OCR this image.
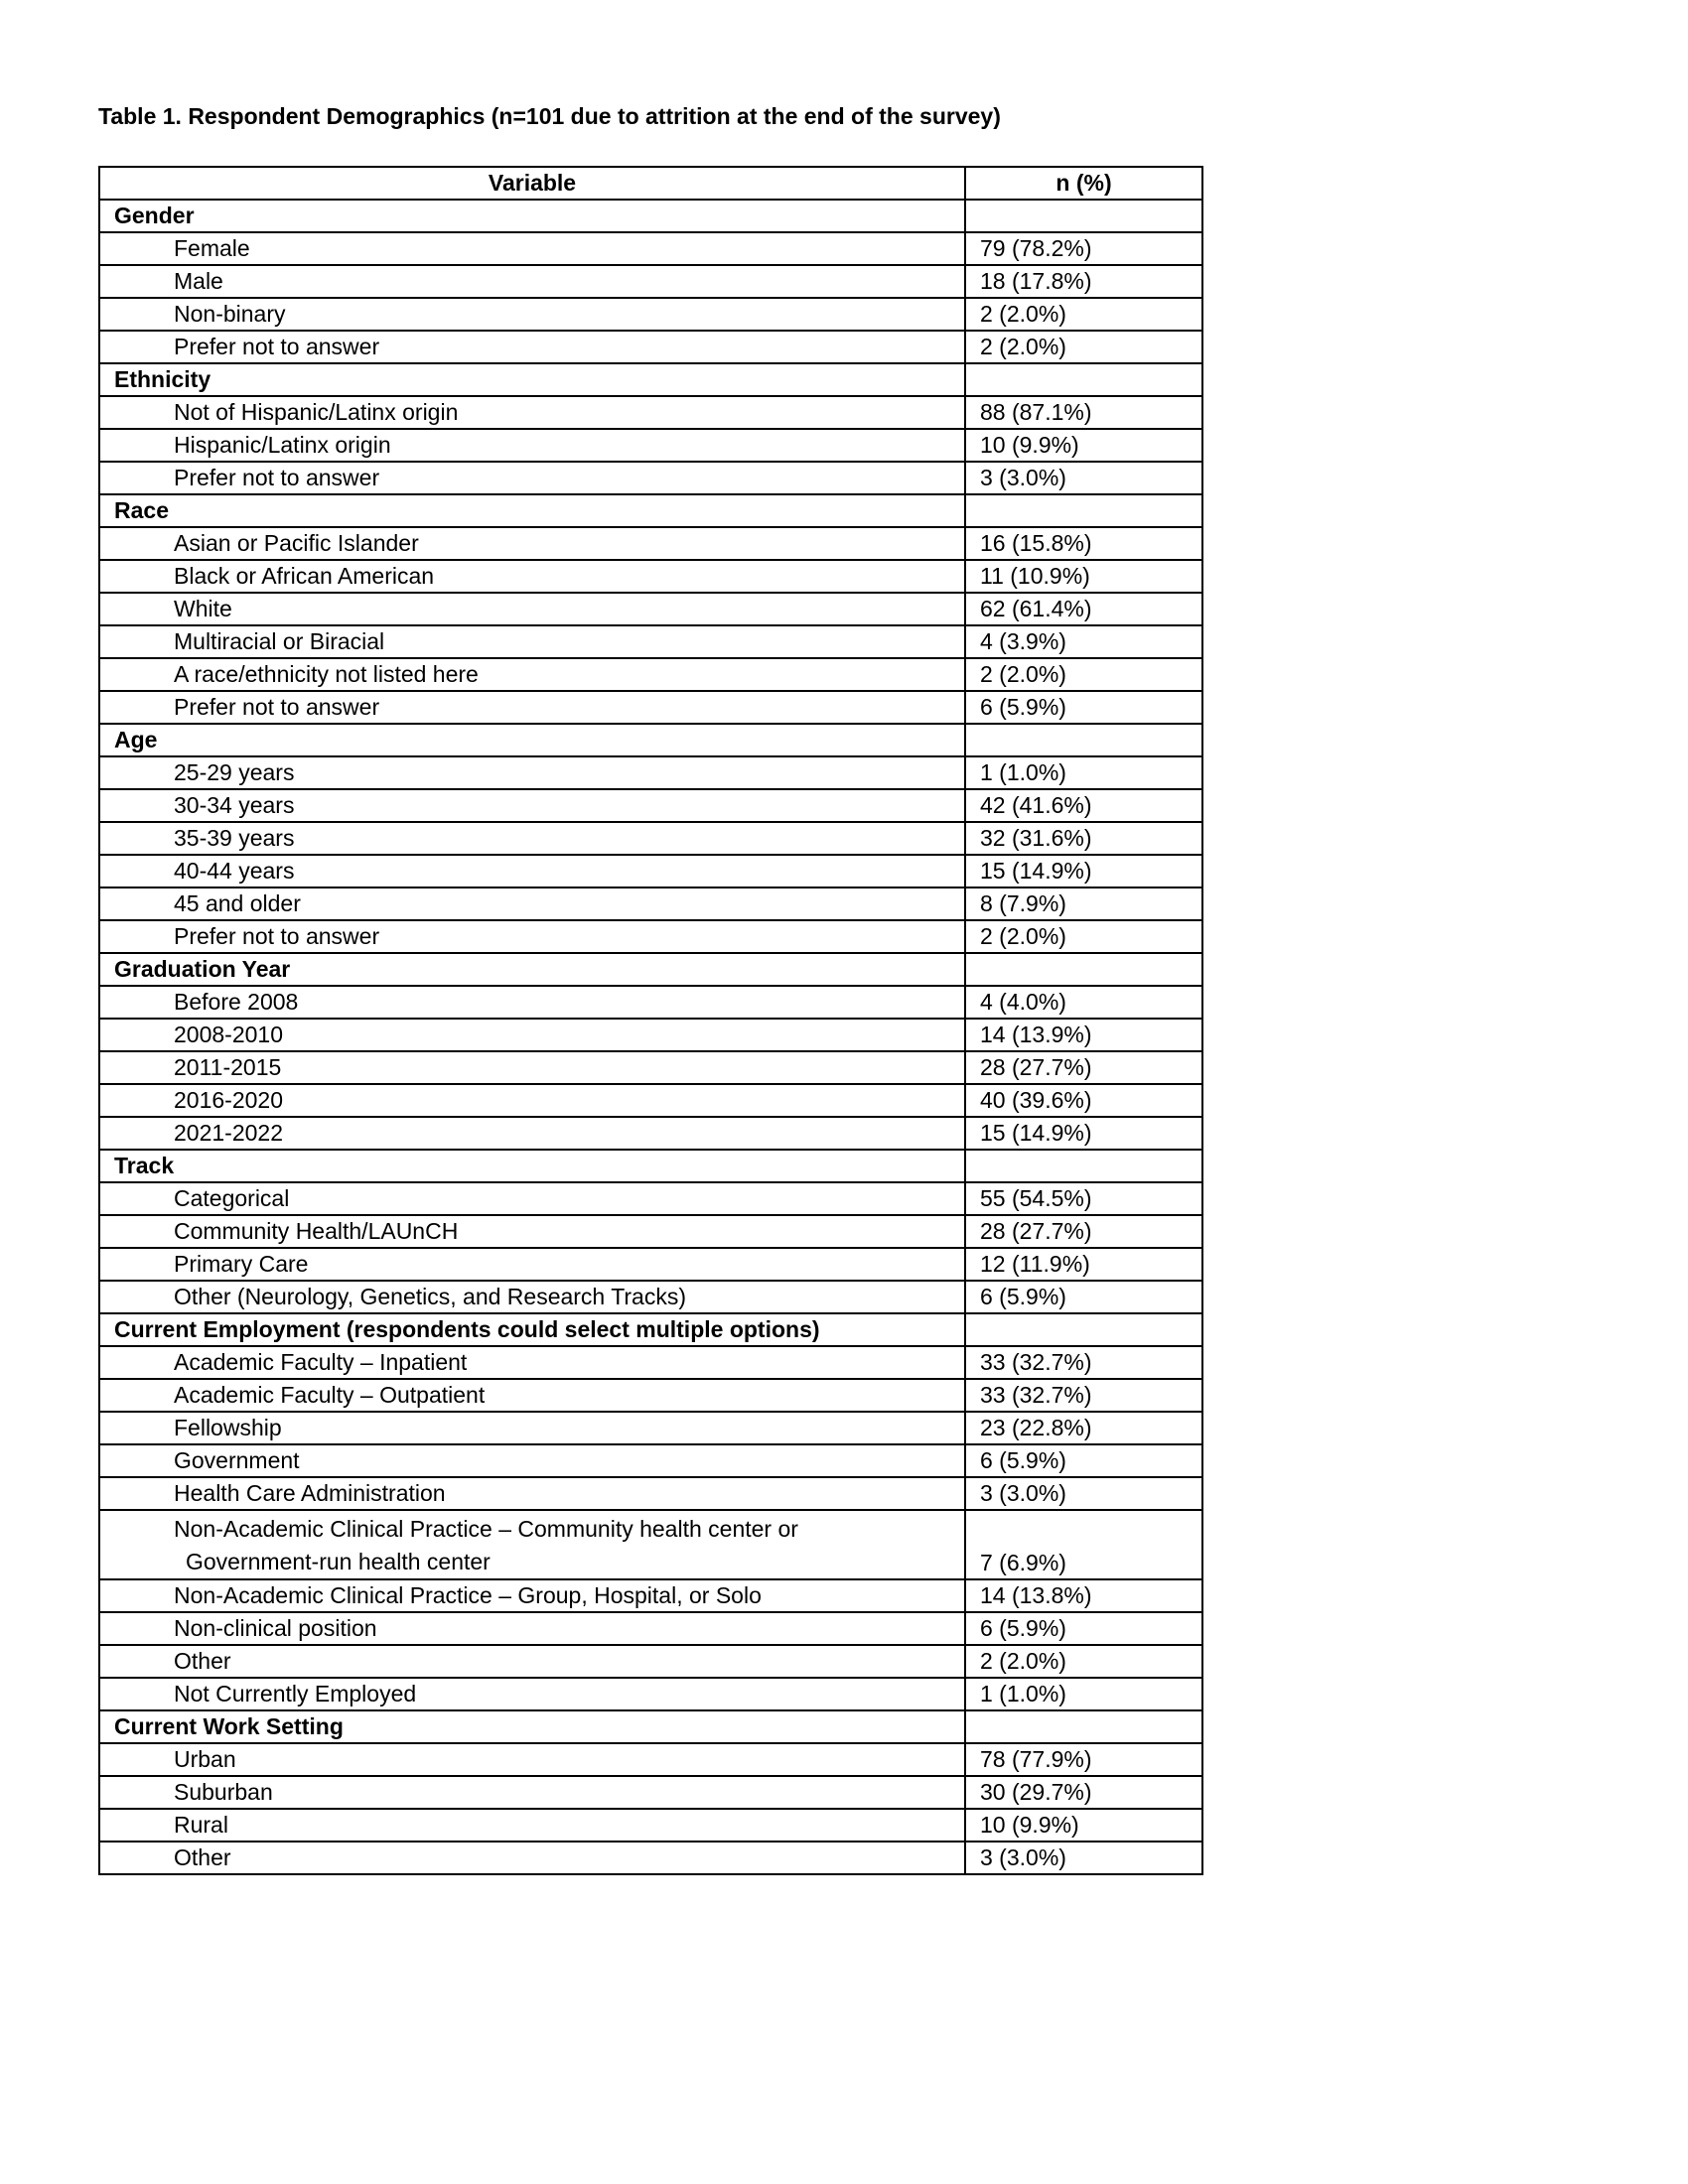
Table 1. Respondent Demographics (n=101 due to attrition at the end of the survey)
Variable	n (%)
Gender	
Female	79 (78.2%)
Male	18 (17.8%)
Non-binary	2 (2.0%)
Prefer not to answer	2 (2.0%)
Ethnicity	
Not of Hispanic/Latinx origin	88 (87.1%)
Hispanic/Latinx origin	10 (9.9%)
Prefer not to answer	3 (3.0%)
Race	
Asian or Pacific Islander	16 (15.8%)
Black or African American	11 (10.9%)
White	62 (61.4%)
Multiracial or Biracial	4 (3.9%)
A race/ethnicity not listed here	2 (2.0%)
Prefer not to answer	6 (5.9%)
Age	
25-29 years	1 (1.0%)
30-34 years	42 (41.6%)
35-39 years	32 (31.6%)
40-44 years	15 (14.9%)
45 and older	8 (7.9%)
Prefer not to answer	2 (2.0%)
Graduation Year	
Before 2008	4 (4.0%)
2008-2010	14 (13.9%)
2011-2015	28 (27.7%)
2016-2020	40 (39.6%)
2021-2022	15 (14.9%)
Track	
Categorical	55 (54.5%)
Community Health/LAUnCH	28 (27.7%)
Primary Care	12 (11.9%)
Other (Neurology, Genetics, and Research Tracks)	6 (5.9%)
Current Employment (respondents could select multiple options)	
Academic Faculty – Inpatient	33 (32.7%)
Academic Faculty – Outpatient	33 (32.7%)
Fellowship	23 (22.8%)
Government	6 (5.9%)
Health Care Administration	3 (3.0%)
Non-Academic Clinical Practice – Community health center or
Government-run health center	7 (6.9%)
Non-Academic Clinical Practice – Group, Hospital, or Solo	14 (13.8%)
Non-clinical position	6 (5.9%)
Other	2 (2.0%)
Not Currently Employed	1 (1.0%)
Current Work Setting	
Urban	78 (77.9%)
Suburban	30 (29.7%)
Rural	10 (9.9%)
Other	3 (3.0%)
